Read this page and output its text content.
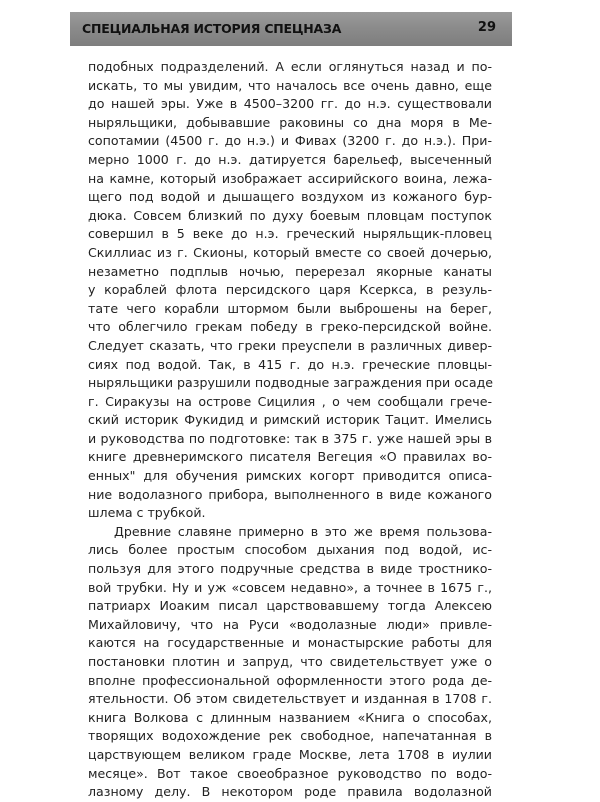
СПЕЦИАЛЬНАЯ ИСТОРИЯ СПЕЦНАЗА	29
подобных подразделений. А если оглянуться назад и по-
искать, то мы увидим, что началось все очень давно, еще
до нашей эры. Уже в 4500–3200 гг. до н.э. существовали
ныряльщики, добывавшие раковины со дна моря в Ме-
сопотамии (4500 г. до н.э.) и Фивах (3200 г. до н.э.). При-
мерно 1000 г. до н.э. датируется барельеф, высеченный
на камне, который изображает ассирийского воина, лежа-
щего под водой и дышащего воздухом из кожаного бур-
дюка. Совсем близкий по духу боевым пловцам поступок
совершил в 5 веке до н.э. греческий ныряльщик-пловец
Скиллиас из г. Скионы, который вместе со своей дочерью,
незаметно подплыв ночью, перерезал якорные канаты
у кораблей флота персидского царя Ксеркса, в резуль-
тате чего корабли штормом были выброшены на берег,
что облегчило грекам победу в греко-персидской войне.
Следует сказать, что греки преуспели в различных дивер-
сиях под водой. Так, в 415 г. до н.э. греческие пловцы-
ныряльщики разрушили подводные заграждения при осаде
г. Сиракузы на острове Сицилия , о чем сообщали грече-
ский историк Фукидид и римский историк Тацит. Имелись
и руководства по подготовке: так в 375 г. уже нашей эры в
книге древнеримского писателя Вегеция «О правилах во-
енных" для обучения римских когорт приводится описа-
ние водолазного прибора, выполненного в виде кожаного
шлема с трубкой.
Древние славяне примерно в это же время пользова-
лись более простым способом дыхания под водой, ис-
пользуя для этого подручные средства в виде тростнико-
вой трубки. Ну и уж «совсем недавно», а точнее в 1675 г.,
патриарх Иоаким писал царствовавшему тогда Алексею
Михайловичу, что на Руси «водолазные люди» привле-
каются на государственные и монастырские работы для
постановки плотин и запруд, что свидетельствует уже о
вполне профессиональной оформленности этого рода де-
ятельности. Об этом свидетельствует и изданная в 1708 г.
книга Волкова с длинным названием «Книга о способах,
творящих водохождение рек свободное, напечатанная в
царствующем великом граде Москве, лета 1708 в иулии
месяце». Вот такое своеобразное руководство по водо-
лазному делу. В некотором роде правила водолазной
